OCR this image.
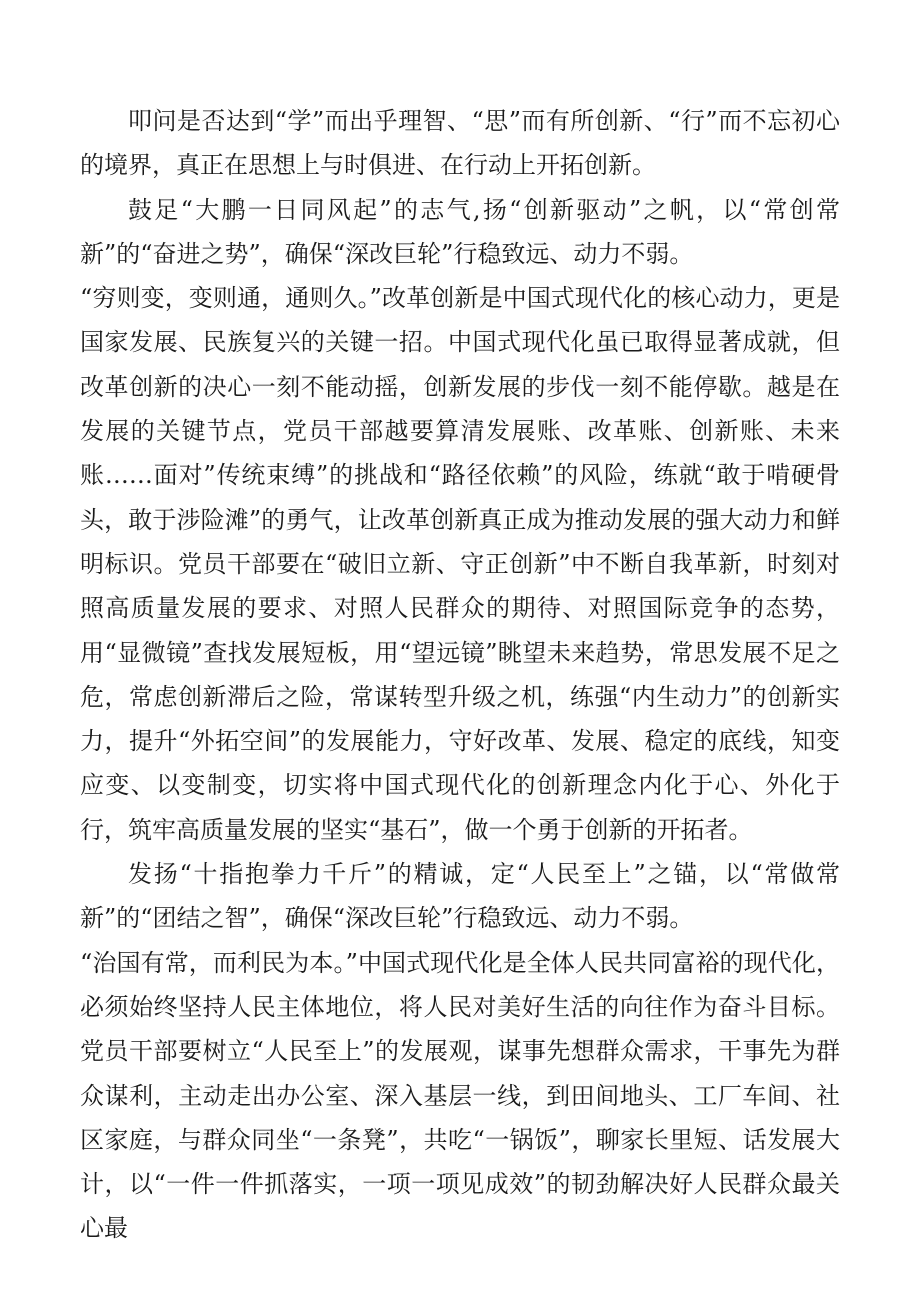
叩问是否达到“学”而出乎理智、“思”而有所创新、“行”而不忘初心的境界，真正在思想上与时俱进、在行动上开拓创新。

鼓足“大鹏一日同风起”的志气,扬“创新驱动”之帆，以“常创常新”的“奋进之势”，确保“深改巨轮”行稳致远、动力不弱。

“穷则变，变则通，通则久。”改革创新是中国式现代化的核心动力，更是国家发展、民族复兴的关键一招。中国式现代化虽已取得显著成就，但改革创新的决心一刻不能动摇，创新发展的步伐一刻不能停歇。越是在发展的关键节点，党员干部越要算清发展账、改革账、创新账、未来账……面对”传统束缚”的挑战和“路径依赖”的风险，练就“敢于啃硬骨头，敢于涉险滩”的勇气，让改革创新真正成为推动发展的强大动力和鲜明标识。党员干部要在“破旧立新、守正创新”中不断自我革新，时刻对照高质量发展的要求、对照人民群众的期待、对照国际竞争的态势，用“显微镜”查找发展短板，用“望远镜”眺望未来趋势，常思发展不足之危，常虑创新滞后之险，常谋转型升级之机，练强“内生动力”的创新实力，提升“外拓空间”的发展能力，守好改革、发展、稳定的底线，知变应变、以变制变，切实将中国式现代化的创新理念内化于心、外化于行，筑牢高质量发展的坚实“基石”，做一个勇于创新的开拓者。

发扬“十指抱拳力千斤”的精诚，定“人民至上”之锚，以“常做常新”的“团结之智”，确保“深改巨轮”行稳致远、动力不弱。

“治国有常，而利民为本。”中国式现代化是全体人民共同富裕的现代化，必须始终坚持人民主体地位，将人民对美好生活的向往作为奋斗目标。党员干部要树立“人民至上”的发展观，谋事先想群众需求，干事先为群众谋利，主动走出办公室、深入基层一线，到田间地头、工厂车间、社区家庭，与群众同坐“一条凳”，共吃“一锅饭”，聊家长里短、话发展大计，以“一件一件抓落实，一项一项见成效”的韧劲解决好人民群众最关心最
